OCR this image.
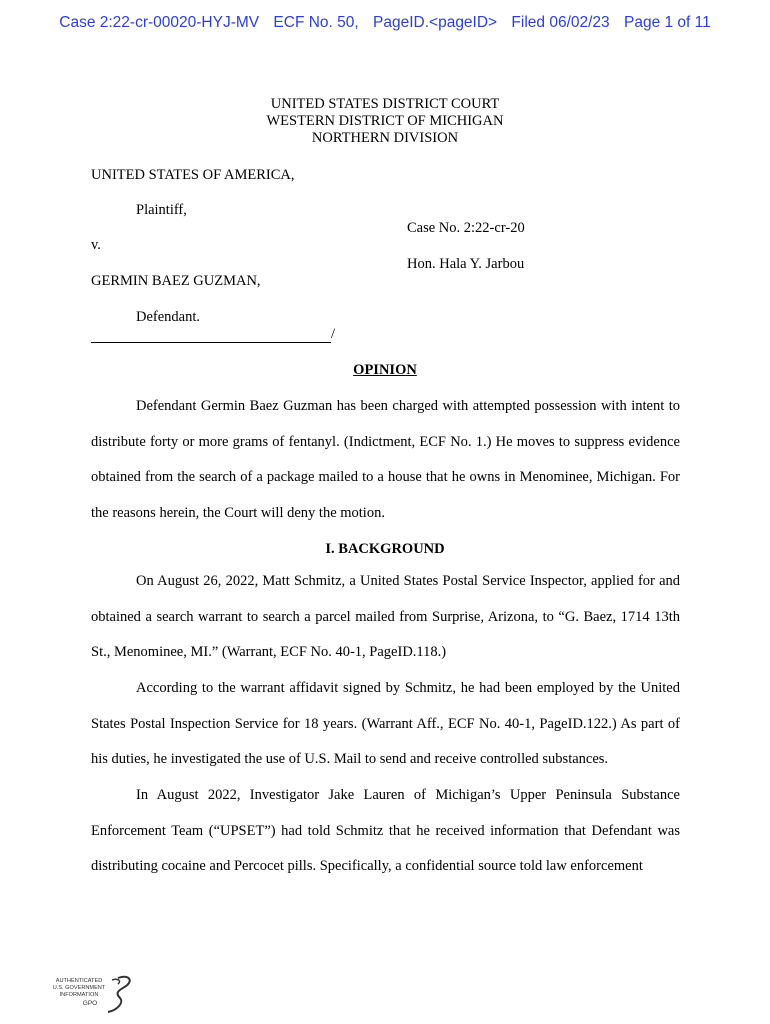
Case 2:22-cr-00020-HYJ-MV ECF No. 50, PageID.<pageID> Filed 06/02/23 Page 1 of 11
UNITED STATES DISTRICT COURT
WESTERN DISTRICT OF MICHIGAN
NORTHERN DIVISION
UNITED STATES OF AMERICA,
Plaintiff,
Case No. 2:22-cr-20
v.
Hon. Hala Y. Jarbou
GERMIN BAEZ GUZMAN,
Defendant.
/
OPINION

Defendant Germin Baez Guzman has been charged with attempted possession with intent to distribute forty or more grams of fentanyl. (Indictment, ECF No. 1.) He moves to suppress evidence obtained from the search of a package mailed to a house that he owns in Menominee, Michigan. For the reasons herein, the Court will deny the motion.

I. BACKGROUND

On August 26, 2022, Matt Schmitz, a United States Postal Service Inspector, applied for and obtained a search warrant to search a parcel mailed from Surprise, Arizona, to “G. Baez, 1714 13th St., Menominee, MI.” (Warrant, ECF No. 40-1, PageID.118.)

According to the warrant affidavit signed by Schmitz, he had been employed by the United States Postal Inspection Service for 18 years. (Warrant Aff., ECF No. 40-1, PageID.122.) As part of his duties, he investigated the use of U.S. Mail to send and receive controlled substances.

In August 2022, Investigator Jake Lauren of Michigan’s Upper Peninsula Substance Enforcement Team (“UPSET”) had told Schmitz that he received information that Defendant was distributing cocaine and Percocet pills. Specifically, a confidential source told law enforcement

AUTHENTICATED
U.S. GOVERNMENT
INFORMATION
GPO
